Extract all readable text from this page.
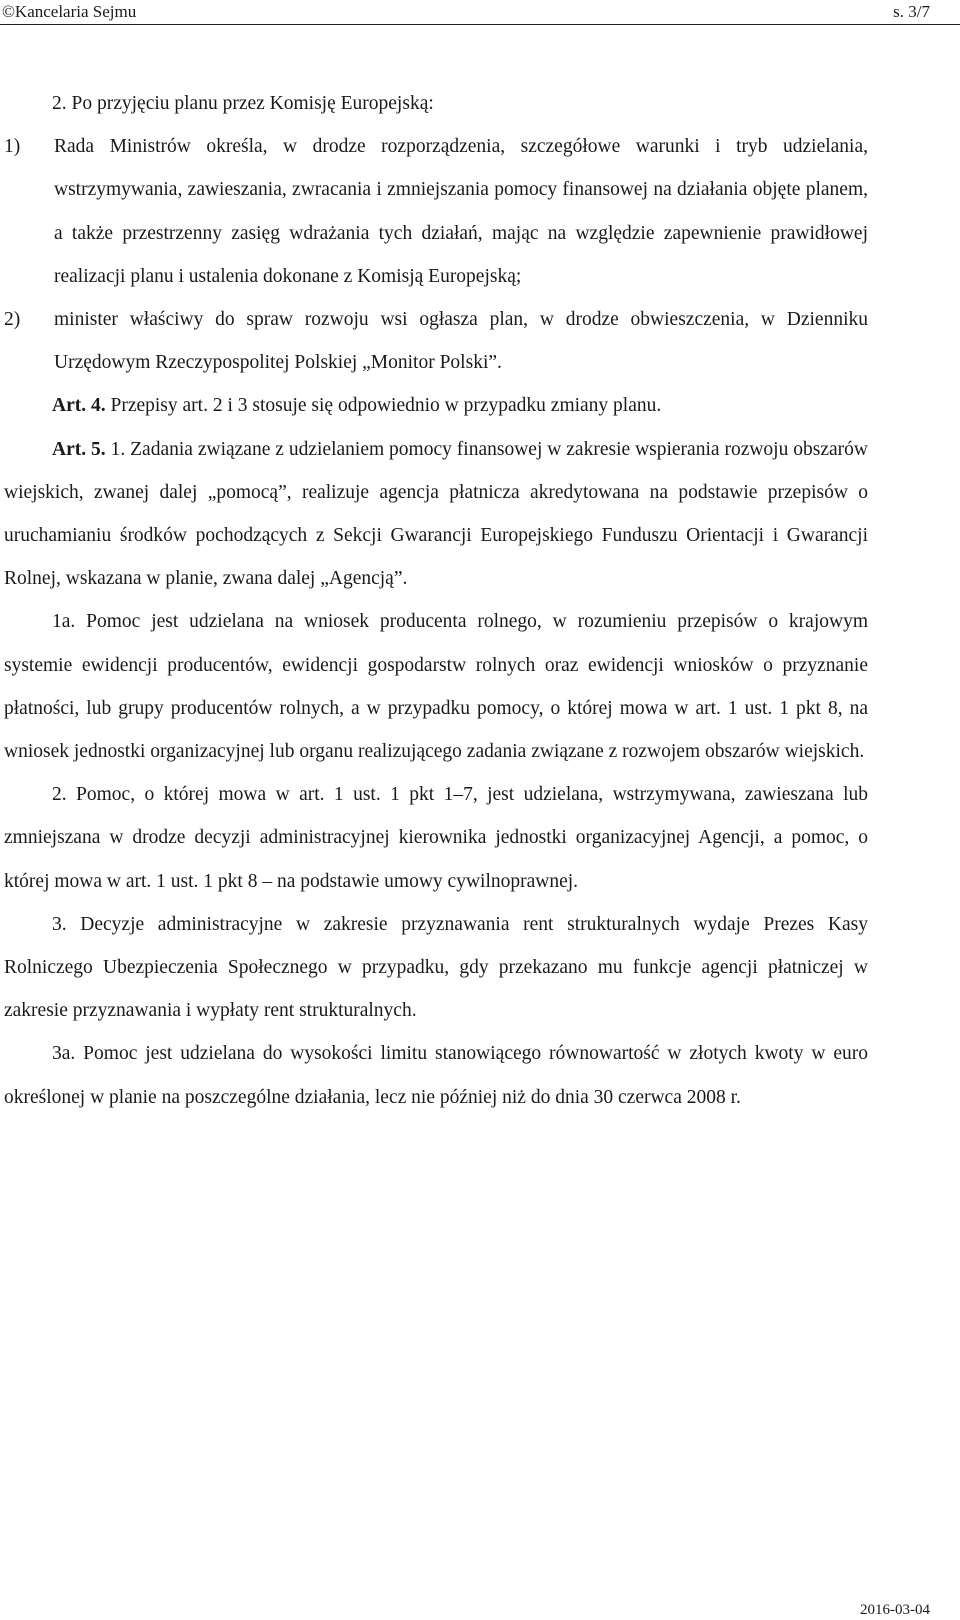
©Kancelaria Sejmu	s. 3/7

2. Po przyjęciu planu przez Komisję Europejską:

1)	Rada Ministrów określa, w drodze rozporządzenia, szczegółowe warunki i tryb udzielania, wstrzymywania, zawieszania, zwracania i zmniejszania pomocy finansowej na działania objęte planem, a także przestrzenny zasięg wdrażania tych działań, mając na względzie zapewnienie prawidłowej realizacji planu i ustalenia dokonane z Komisją Europejską;
2)	minister właściwy do spraw rozwoju wsi ogłasza plan, w drodze obwieszczenia, w Dzienniku Urzędowym Rzeczypospolitej Polskiej „Monitor Polski”.

Art. 4. Przepisy art. 2 i 3 stosuje się odpowiednio w przypadku zmiany planu.

Art. 5. 1. Zadania związane z udzielaniem pomocy finansowej w zakresie wspierania rozwoju obszarów wiejskich, zwanej dalej „pomocą”, realizuje agencja płatnicza akredytowana na podstawie przepisów o uruchamianiu środków pochodzących z Sekcji Gwarancji Europejskiego Funduszu Orientacji i Gwarancji Rolnej, wskazana w planie, zwana dalej „Agencją”.

1a. Pomoc jest udzielana na wniosek producenta rolnego, w rozumieniu przepisów o krajowym systemie ewidencji producentów, ewidencji gospodarstw rolnych oraz ewidencji wniosków o przyznanie płatności, lub grupy producentów rolnych, a w przypadku pomocy, o której mowa w art. 1 ust. 1 pkt 8, na wniosek jednostki organizacyjnej lub organu realizującego zadania związane z rozwojem obszarów wiejskich.

2. Pomoc, o której mowa w art. 1 ust. 1 pkt 1–7, jest udzielana, wstrzymywana, zawieszana lub zmniejszana w drodze decyzji administracyjnej kierownika jednostki organizacyjnej Agencji, a pomoc, o której mowa w art. 1 ust. 1 pkt 8 – na podstawie umowy cywilnoprawnej.

3. Decyzje administracyjne w zakresie przyznawania rent strukturalnych wydaje Prezes Kasy Rolniczego Ubezpieczenia Społecznego w przypadku, gdy przekazano mu funkcje agencji płatniczej w zakresie przyznawania i wypłaty rent strukturalnych.

3a. Pomoc jest udzielana do wysokości limitu stanowiącego równowartość w złotych kwoty w euro określonej w planie na poszczególne działania, lecz nie później niż do dnia 30 czerwca 2008 r.

2016-03-04
